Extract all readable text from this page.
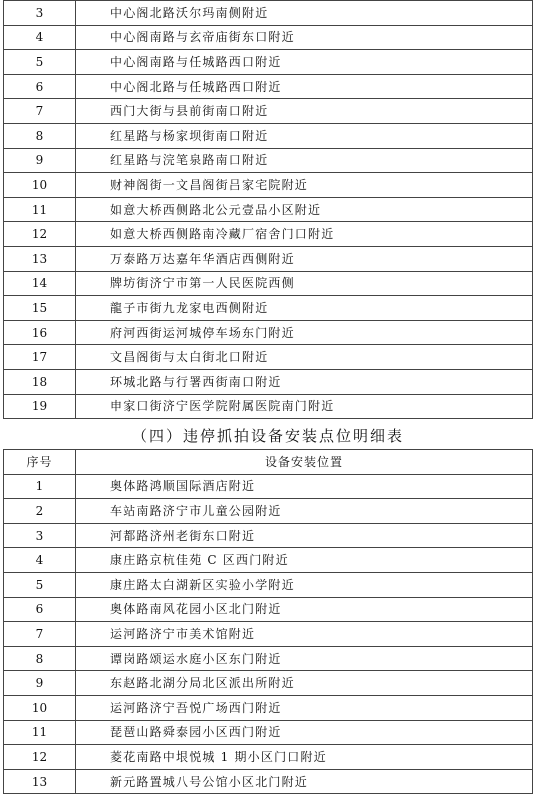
3	中心阁北路沃尔玛南侧附近
4	中心阁南路与玄帝庙街东口附近
5	中心阁南路与任城路西口附近
6	中心阁北路与任城路西口附近
7	西门大街与县前街南口附近
8	红星路与杨家坝街南口附近
9	红星路与浣笔泉路南口附近
10	财神阁街一文昌阁街吕家宅院附近
11	如意大桥西侧路北公元壹品小区附近
12	如意大桥西侧路南冷藏厂宿舍门口附近
13	万泰路万达嘉年华酒店西侧附近
14	牌坊街济宁市第一人民医院西侧
15	龍子市街九龙家电西侧附近
16	府河西街运河城停车场东门附近
17	文昌阁街与太白街北口附近
18	环城北路与行署西街南口附近
19	申家口街济宁医学院附属医院南门附近
（四）违停抓拍设备安装点位明细表
序号	设备安装位置
1	奥体路鸿顺国际酒店附近
2	车站南路济宁市儿童公园附近
3	河都路济州老街东口附近
4	康庄路京杭佳苑 C 区西门附近
5	康庄路太白湖新区实验小学附近
6	奥体路南风花园小区北门附近
7	运河路济宁市美术馆附近
8	谭岗路颂运水庭小区东门附近
9	东赵路北湖分局北区派出所附近
10	运河路济宁吾悦广场西门附近
11	琵琶山路舜泰园小区西门附近
12	菱花南路中垠悦城 1 期小区门口附近
13	新元路置城八号公馆小区北门附近
